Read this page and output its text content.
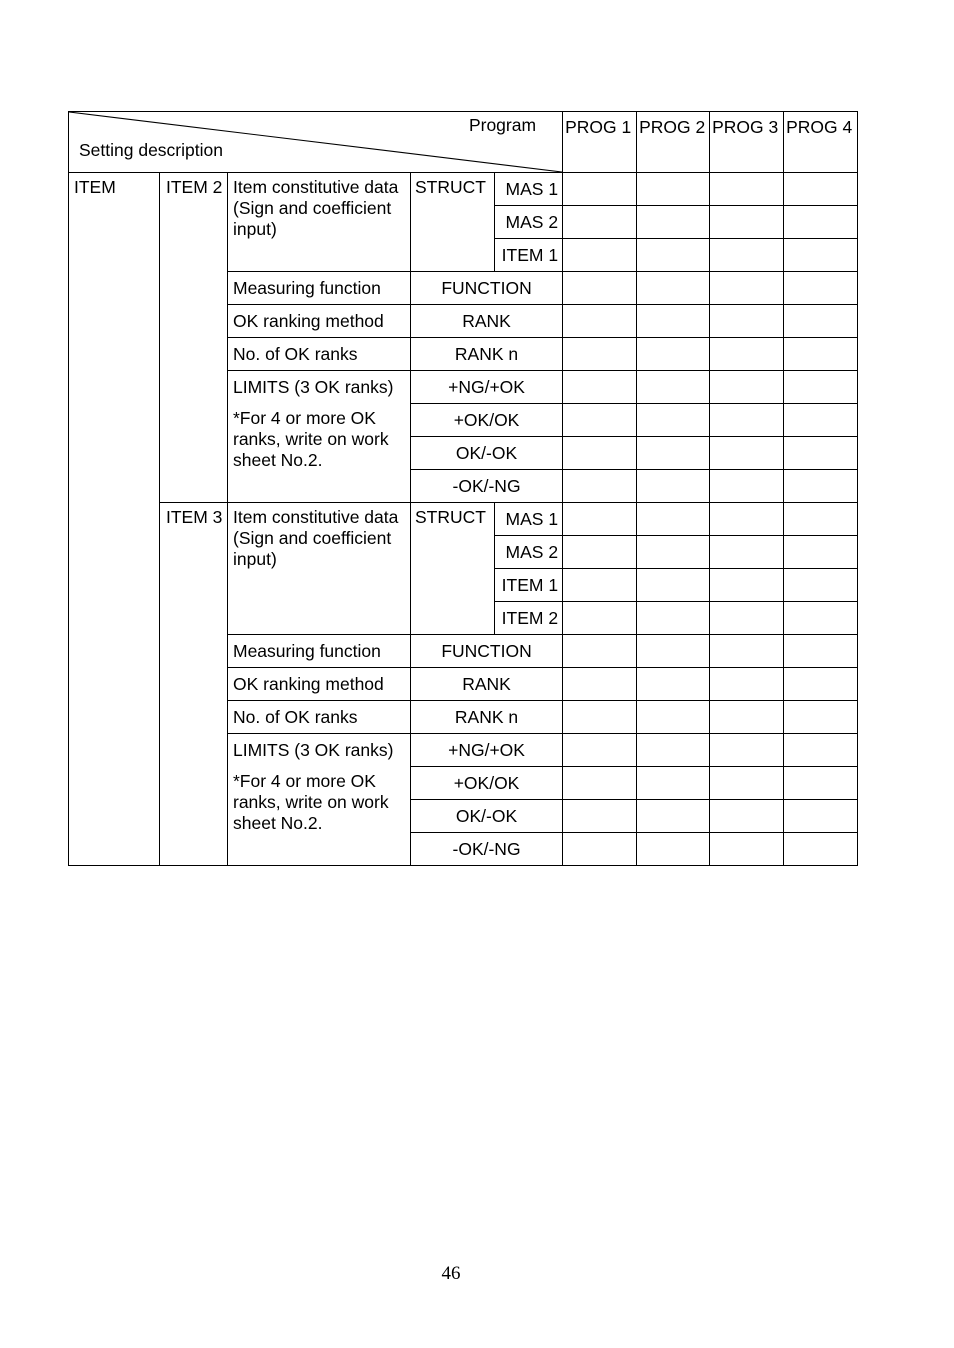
Program
Setting description					PROG 1	PROG 2	PROG 3	PROG 4
ITEM	ITEM 2	Item constitutive data (Sign and coefficient input)	STRUCT	MAS 1				
				MAS 2				
				ITEM 1				
		Measuring function	FUNCTION					
		OK ranking method	RANK					
		No. of OK ranks	RANK n					
		LIMITS (3 OK ranks)	+NG/+OK					
		*For 4 or more OK ranks, write on work sheet No.2.	+OK/OK					
			OK/-OK					
			-OK/-NG					
	ITEM 3	Item constitutive data (Sign and coefficient input)	STRUCT	MAS 1				
				MAS 2				
				ITEM 1				
				ITEM 2				
		Measuring function	FUNCTION					
		OK ranking method	RANK					
		No. of OK ranks	RANK n					
		LIMITS (3 OK ranks)	+NG/+OK					
		*For 4 or more OK ranks, write on work sheet No.2.	+OK/OK					
			OK/-OK					
			-OK/-NG					
46
